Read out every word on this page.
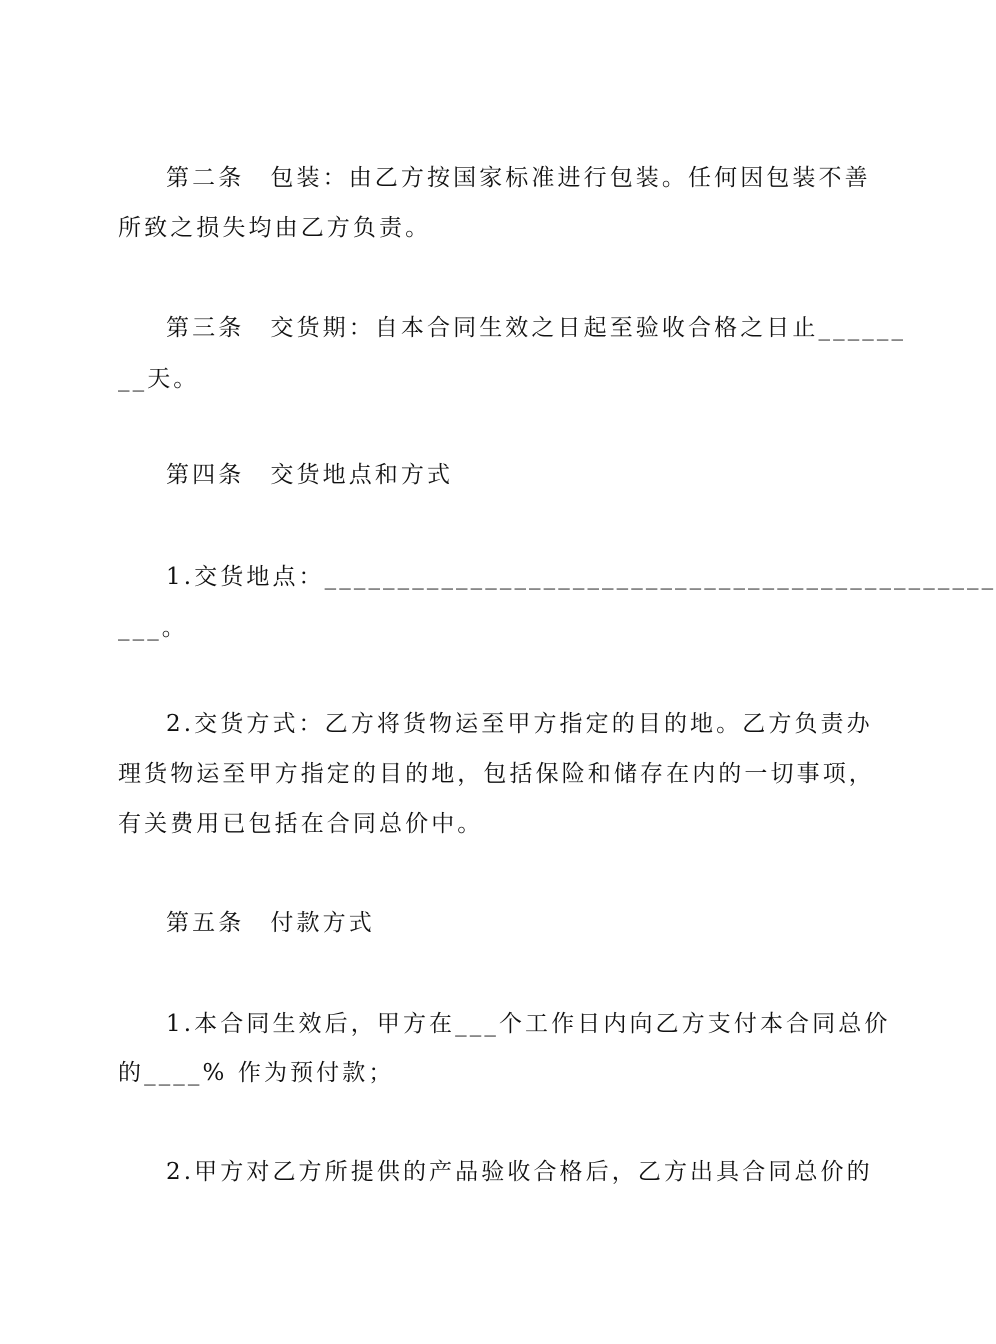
第二条　包装：由乙方按国家标准进行包装。任何因包装不善
所致之损失均由乙方负责。
第三条　交货期：自本合同生效之日起至验收合格之日止______
__天。
第四条　交货地点和方式
1.交货地点：______________________________________________
___。
2.交货方式：乙方将货物运至甲方指定的目的地。乙方负责办
理货物运至甲方指定的目的地，包括保险和储存在内的一切事项，
有关费用已包括在合同总价中。
第五条　付款方式
1.本合同生效后，甲方在___个工作日内向乙方支付本合同总价
的____% 作为预付款；
2.甲方对乙方所提供的产品验收合格后，乙方出具合同总价的
